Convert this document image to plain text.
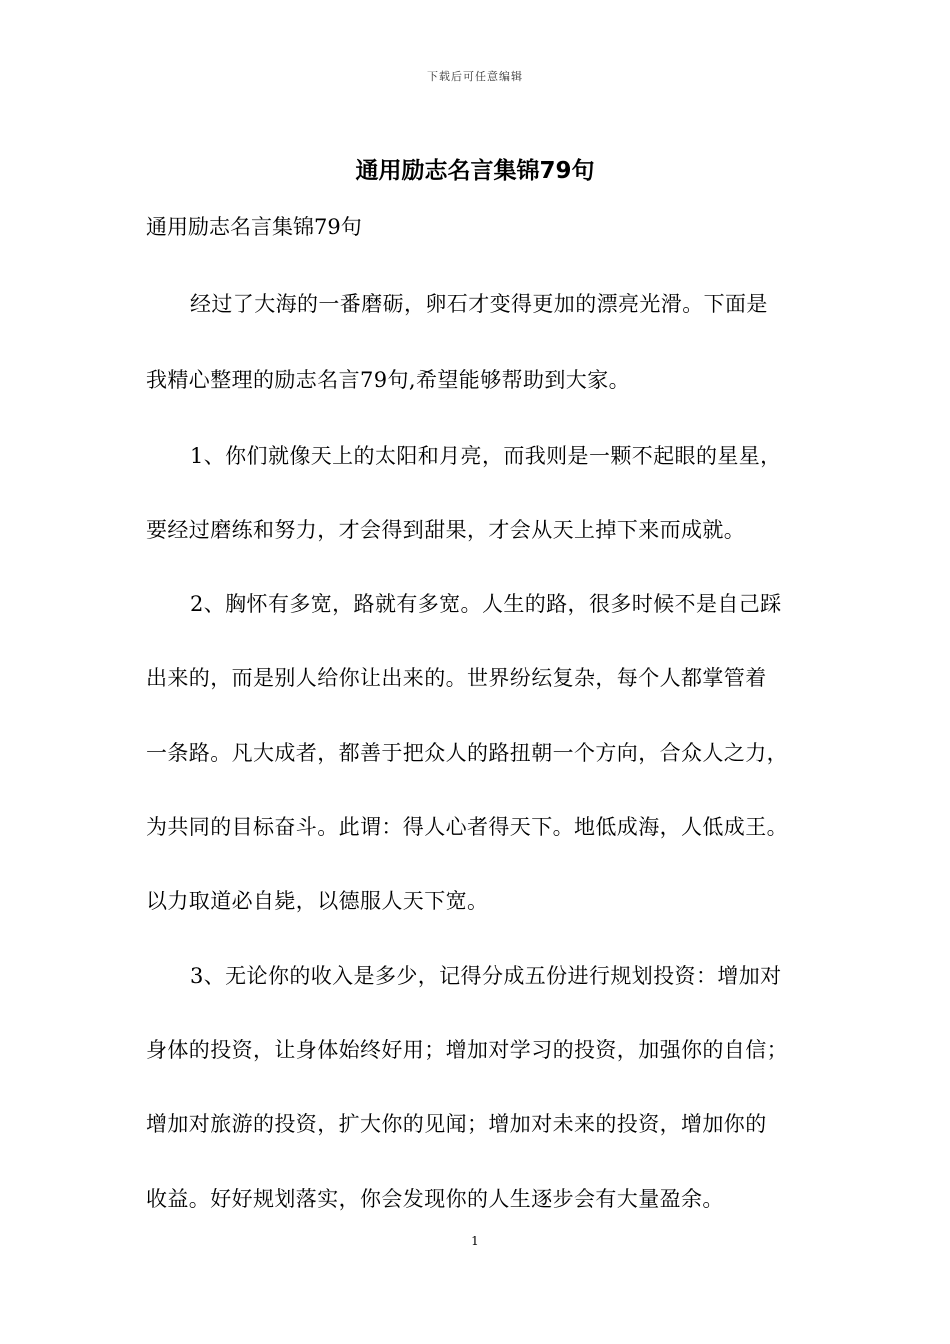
下载后可任意编辑
通用励志名言集锦79句
通用励志名言集锦79句
经过了大海的一番磨砺，卵石才变得更加的漂亮光滑。下面是
我精心整理的励志名言79句,希望能够帮助到大家。
1、你们就像天上的太阳和月亮，而我则是一颗不起眼的星星，
要经过磨练和努力，才会得到甜果，才会从天上掉下来而成就。
2、胸怀有多宽，路就有多宽。人生的路，很多时候不是自己踩
出来的，而是别人给你让出来的。世界纷纭复杂，每个人都掌管着
一条路。凡大成者，都善于把众人的路扭朝一个方向，合众人之力，
为共同的目标奋斗。此谓：得人心者得天下。地低成海，人低成王。
以力取道必自毙，以德服人天下宽。
3、无论你的收入是多少，记得分成五份进行规划投资：增加对
身体的投资，让身体始终好用；增加对学习的投资，加强你的自信；
增加对旅游的投资，扩大你的见闻；增加对未来的投资，增加你的
收益。好好规划落实，你会发现你的人生逐步会有大量盈余。
1
